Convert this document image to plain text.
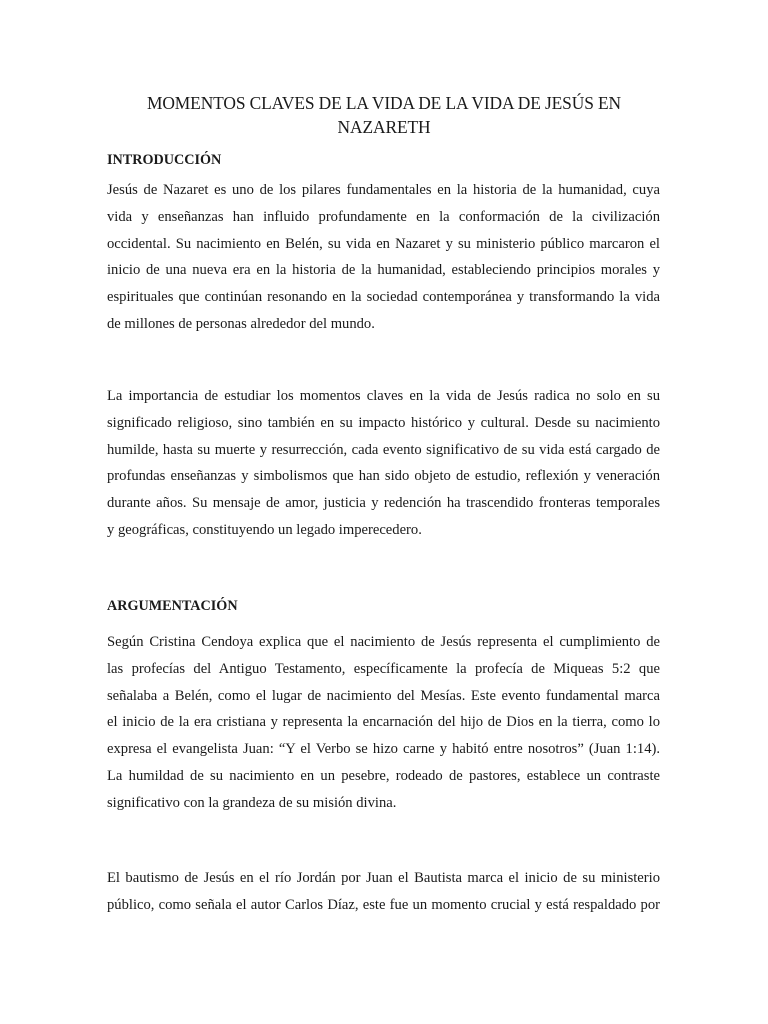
MOMENTOS CLAVES DE LA VIDA DE LA VIDA DE JESÚS EN
NAZARETH
INTRODUCCIÓN

Jesús de Nazaret es uno de los pilares fundamentales en la historia de la humanidad, cuya
vida y enseñanzas han influido profundamente en la conformación de la civilización
occidental. Su nacimiento en Belén, su vida en Nazaret y su ministerio público marcaron el
inicio de una nueva era en la historia de la humanidad, estableciendo principios morales y
espirituales que continúan resonando en la sociedad contemporánea y transformando la vida
de millones de personas alrededor del mundo.

La importancia de estudiar los momentos claves en la vida de Jesús radica no solo en su
significado religioso, sino también en su impacto histórico y cultural. Desde su nacimiento
humilde, hasta su muerte y resurrección, cada evento significativo de su vida está cargado de
profundas enseñanzas y simbolismos que han sido objeto de estudio, reflexión y veneración
durante años. Su mensaje de amor, justicia y redención ha trascendido fronteras temporales
y geográficas, constituyendo un legado imperecedero.

ARGUMENTACIÓN

Según Cristina Cendoya explica que el nacimiento de Jesús representa el cumplimiento de
las profecías del Antiguo Testamento, específicamente la profecía de Miqueas 5:2 que
señalaba a Belén, como el lugar de nacimiento del Mesías. Este evento fundamental marca
el inicio de la era cristiana y representa la encarnación del hijo de Dios en la tierra, como lo
expresa el evangelista Juan: “Y el Verbo se hizo carne y habitó entre nosotros” (Juan 1:14).
La humildad de su nacimiento en un pesebre, rodeado de pastores, establece un contraste
significativo con la grandeza de su misión divina.

El bautismo de Jesús en el río Jordán por Juan el Bautista marca el inicio de su ministerio
público, como señala el autor Carlos Díaz, este fue un momento crucial y está respaldado por
